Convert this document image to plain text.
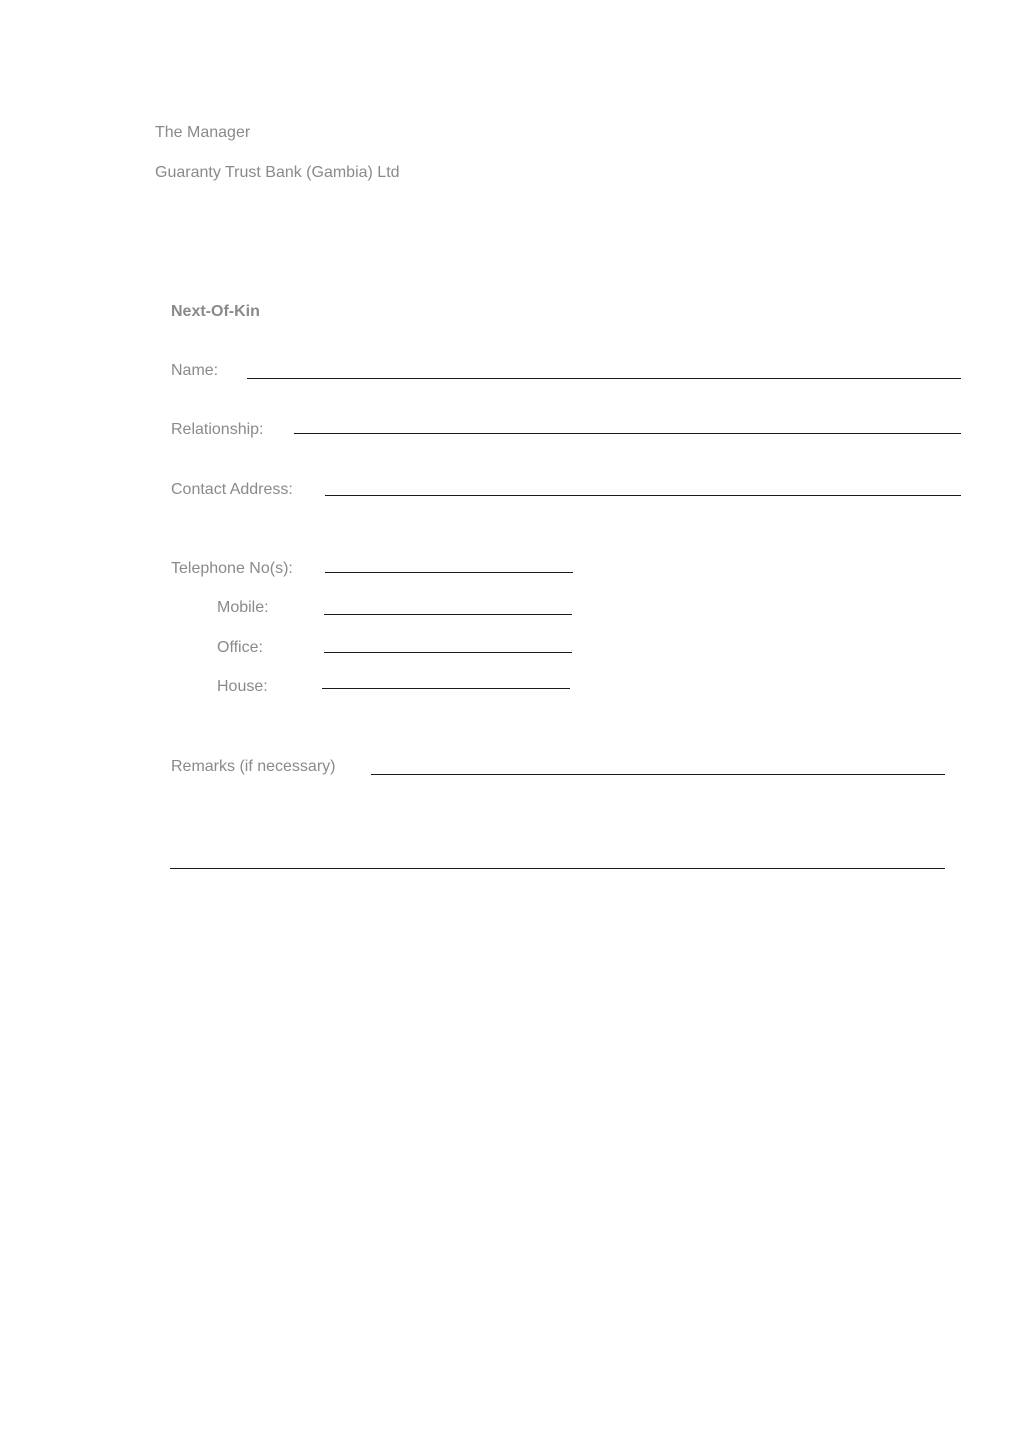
The Manager
Guaranty Trust Bank (Gambia) Ltd
Next-Of-Kin
Name:
Relationship:
Contact Address:
Telephone No(s):
Mobile:
Office:
House:
Remarks (if necessary)
